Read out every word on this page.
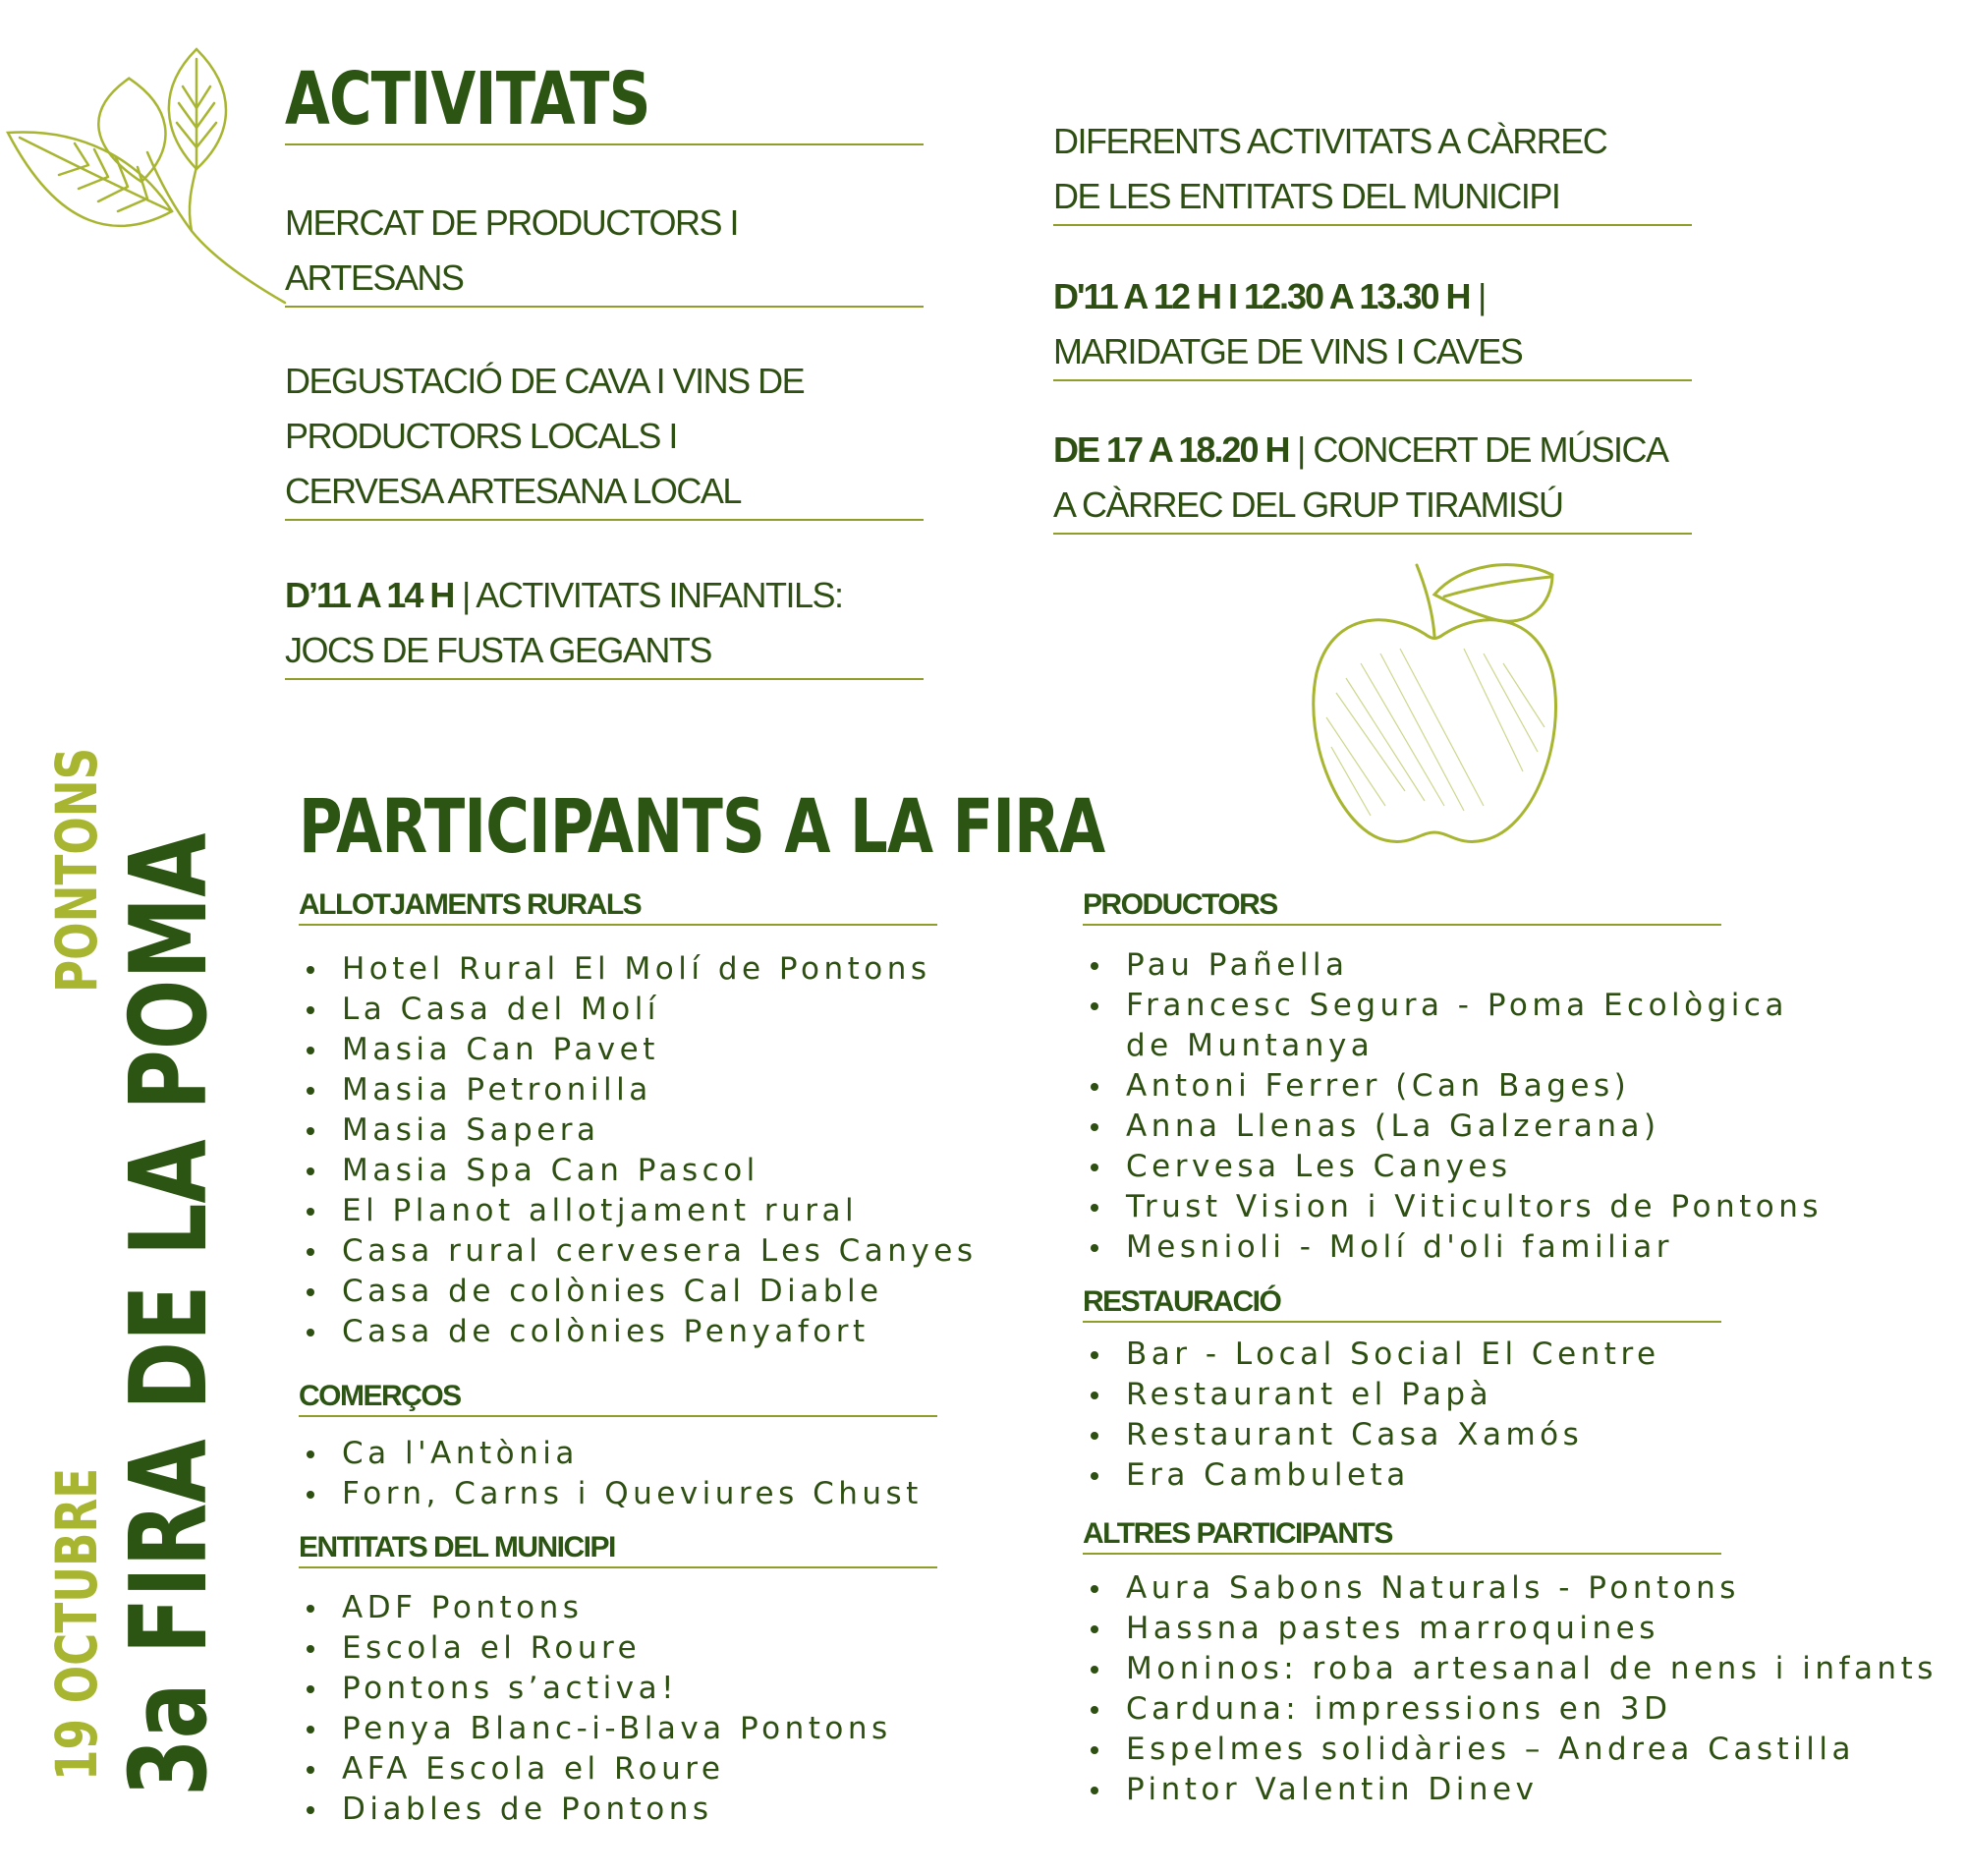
PONTONS
19 OCTUBRE
3a FIRA DE LA POMA
ACTIVITATS
MERCAT DE PRODUCTORS I
ARTESANS
DEGUSTACIÓ DE CAVA I VINS DE
PRODUCTORS LOCALS I
CERVESA ARTESANA LOCAL
D’11 A 14 H | ACTIVITATS INFANTILS:
JOCS DE FUSTA GEGANTS
DIFERENTS ACTIVITATS A CÀRREC
DE LES ENTITATS DEL MUNICIPI
D'11 A 12 H I 12.30 A 13.30 H |
MARIDATGE DE VINS I CAVES
DE 17 A 18.20 H | CONCERT DE MÚSICA
A CÀRREC DEL GRUP TIRAMISÚ
PARTICIPANTS A LA FIRA
ALLOTJAMENTS RURALS
Hotel Rural El Molí de Pontons
La Casa del Molí
Masia Can Pavet
Masia Petronilla
Masia Sapera
Masia Spa Can Pascol
El Planot allotjament rural
Casa rural cervesera Les Canyes
Casa de colònies Cal Diable
Casa de colònies Penyafort
COMERÇOS
Ca l'Antònia
Forn, Carns i Queviures Chust
ENTITATS DEL MUNICIPI
ADF Pontons
Escola el Roure
Pontons s’activa!
Penya Blanc-i-Blava Pontons
AFA Escola el Roure
Diables de Pontons
PRODUCTORS
Pau Pañella
Francesc Segura - Poma Ecològica
de Muntanya
Antoni Ferrer (Can Bages)
Anna Llenas (La Galzerana)
Cervesa Les Canyes
Trust Vision i Viticultors de Pontons
Mesnioli - Molí d'oli familiar
RESTAURACIÓ
Bar - Local Social El Centre
Restaurant el Papà
Restaurant Casa Xamós
Era Cambuleta
ALTRES PARTICIPANTS
Aura Sabons Naturals - Pontons
Hassna pastes marroquines
Moninos: roba artesanal de nens i infants
Carduna: impressions en 3D
Espelmes solidàries – Andrea Castilla
Pintor Valentin Dinev
